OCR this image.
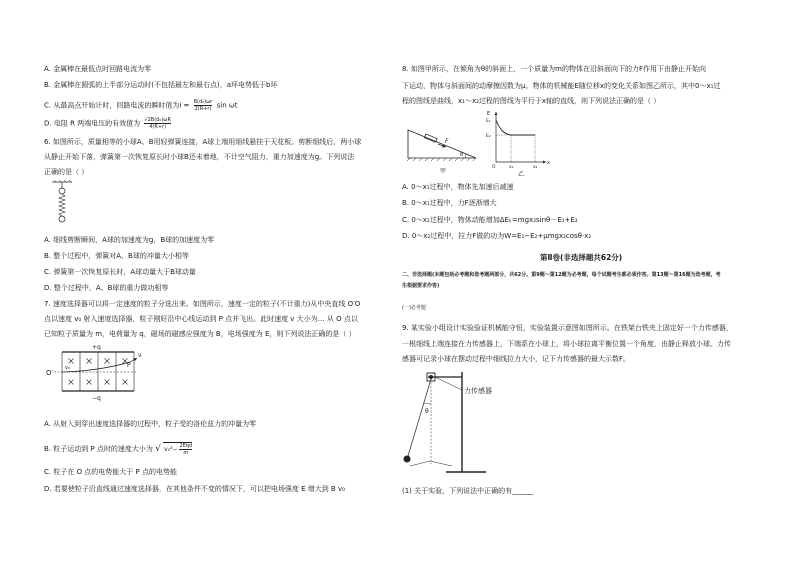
A. 金属棒在最低点时回路电流为零
B. 金属棒在圆弧的上半部分运动时(不包括最左和最右点)，a环电势低于b环
C. 从最高点开始计时，回路电流的瞬时值为$i = \frac{\text{B(d₀)ωr}}{2(R+r)}$ sin ωt
D. 电阻 R 两端电压的有效值为 $\frac{\text{√2B(d₀)ωR}}{4(R+r)}$
6. 如图所示，质量相等的小球A、B用轻弹簧连接，A球上端用细线悬挂于天花板。剪断细线后，两小球
从静止开始下落，弹簧第一次恢复原长时小球B还未着地，不计空气阻力，重力加速度为g。下列说法
正确的是（ ）
A. 细线剪断瞬间，A球的加速度为g，B球的加速度为零
B. 整个过程中，弹簧对A、B球的冲量大小相等
C. 弹簧第一次恢复原长时，A球动量大于B球动量
D. 整个过程中，A、B球的重力做功相等
7. 速度选择器可以将一定速度的粒子分选出来。如图所示，速度一定的粒子(不计重力)从中央直线 O′O
点以速度 v₀ 射入速度选择器，粒子刚好沿中心线运动到 P 点并飞出。此时速度 v 大小为… 从 O 点以
已知粒子质量为 m，电荷量为 q，磁场的磁感应强度为 B，电场强度为 E，则下列说法正确的是（ ）
+q
O′
v₀	P
v
−q
A. 从射入到穿出速度选择器的过程中，粒子受的洛伦兹力的冲量为零
B. 粒子运动到 P 点时的速度大小为 √ v₀²− 2Eqd
m
C. 粒子在 O 点的电势能大于 P 点的电势能
D. 若要使粒子沿直线通过速度选择器，在其他条件不变的情况下，可以把电场强度 E 增大到 B v₀
8. 如图甲所示，在倾角为θ的斜面上，一个质量为m的物体在沿斜面向下的力F作用下由静止开始向
下运动，物体与斜面间的动摩擦因数为μ。物体的机械能E随位移x的变化关系如图乙所示，其中0～x₁过
程的图线是曲线，x₁～x₂过程的图线为平行于x轴的直线，则下列说法正确的是（ ）
F
θ
甲
E
E₁
E₂
x
O	x₁	x₂
乙
A. 0～x₁过程中，物体先加速后减速
B. 0～x₁过程中，力F逐渐增大
C. 0～x₂过程中，物体动能增加ΔEₖ=mgx₂sinθ－E₁+E₂
D. 0～x₂过程中，拉力F做的功为W=E₁−E₂+μmgx₂cosθ·x₂
第Ⅱ卷(非选择题共62分)
二、非选择题(本题包括必考题和选考题两部分，共62分。第9题～第12题为必考题，每个试题考生都必须作答。第13题～第16题为选考题，考
生根据要求作答)
(一)必考题
9. 某实验小组设计实验验证机械能守恒，实验装置示意图如图所示。在铁架台铁夹上固定好一个力传感器，
一根细线上端连接在力传感器上，下端系在小球上，将小球拉离平衡位置一个角度，由静止释放小球。力传
感器可记录小球在摆动过程中细线拉力大小，记下力传感器的最大示数F。
力传感器
θ
(1) 关于实验，下列说法中正确的有______
